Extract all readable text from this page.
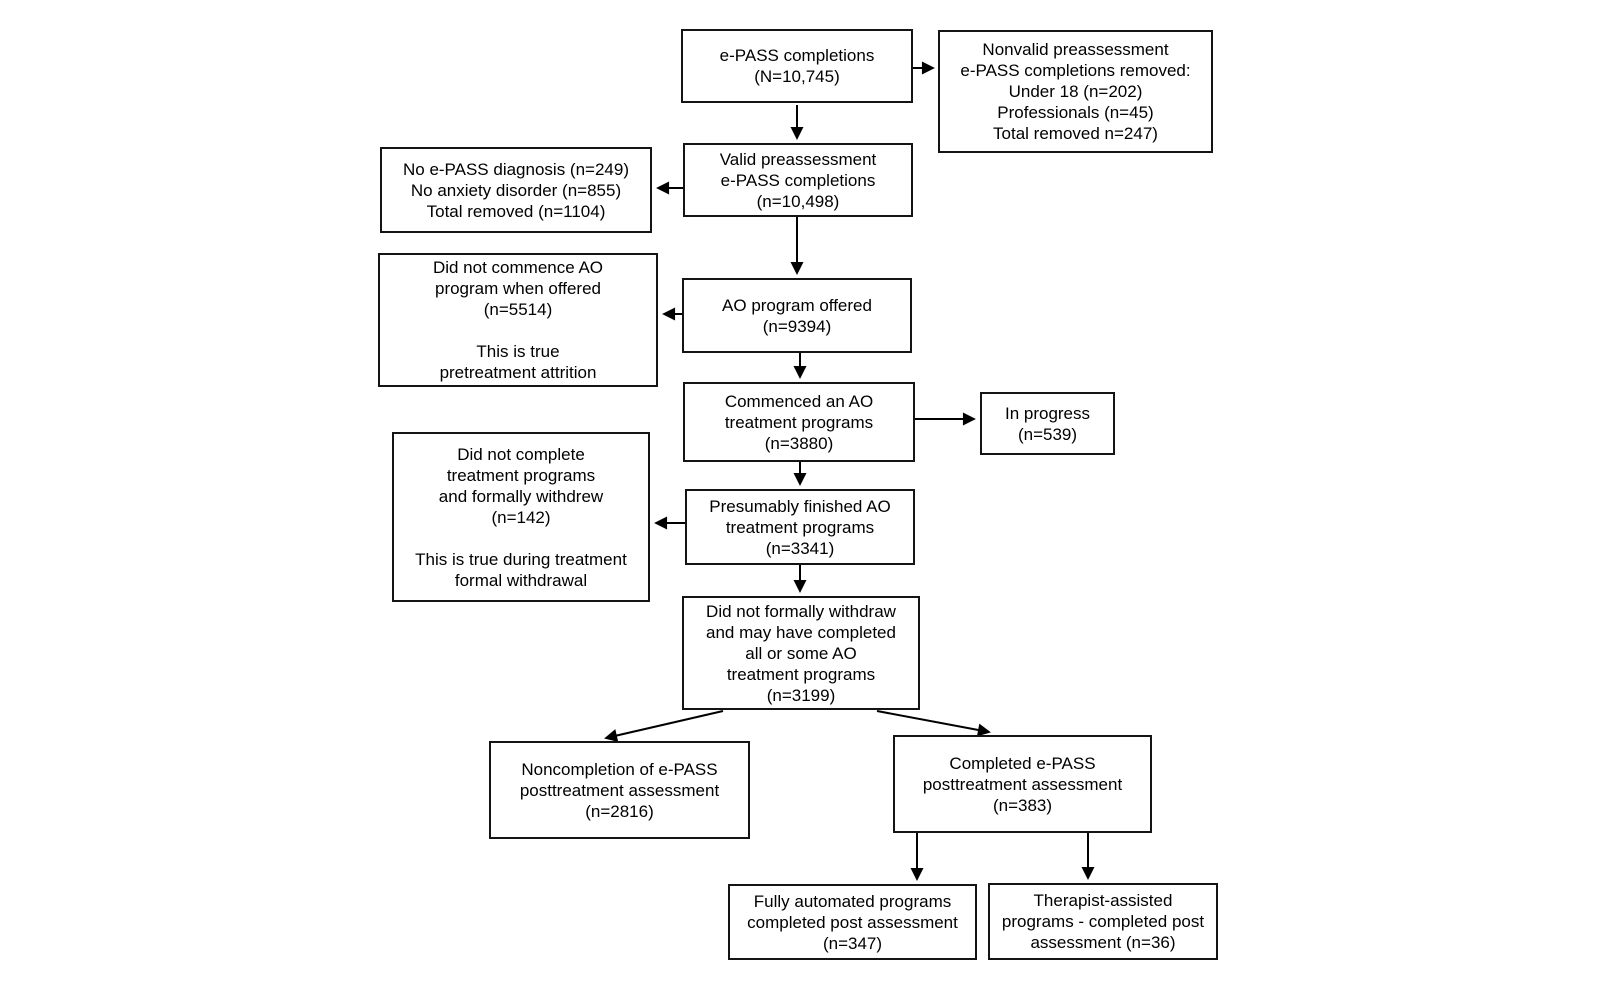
e-PASS completions
(N=10,745)
Nonvalid preassessment
e-PASS completions removed:
Under 18 (n=202)
Professionals (n=45)
Total removed n=247)
Valid preassessment
e-PASS completions
(n=10,498)
No e-PASS diagnosis (n=249)
No anxiety disorder (n=855)
Total removed (n=1104)
Did not commence AO
program when offered
(n=5514)
This is true
pretreatment attrition
AO program offered
(n=9394)
Commenced an AO
treatment programs
(n=3880)
In progress
(n=539)
Did not complete
treatment programs
and formally withdrew
(n=142)
This is true during treatment
formal withdrawal
Presumably finished AO
treatment programs
(n=3341)
Did not formally withdraw
and may have completed
all or some AO
treatment programs
(n=3199)
Noncompletion of e-PASS
posttreatment assessment
(n=2816)
Completed e-PASS
posttreatment assessment
(n=383)
Fully automated programs
completed post assessment
(n=347)
Therapist-assisted
programs - completed post
assessment (n=36)
